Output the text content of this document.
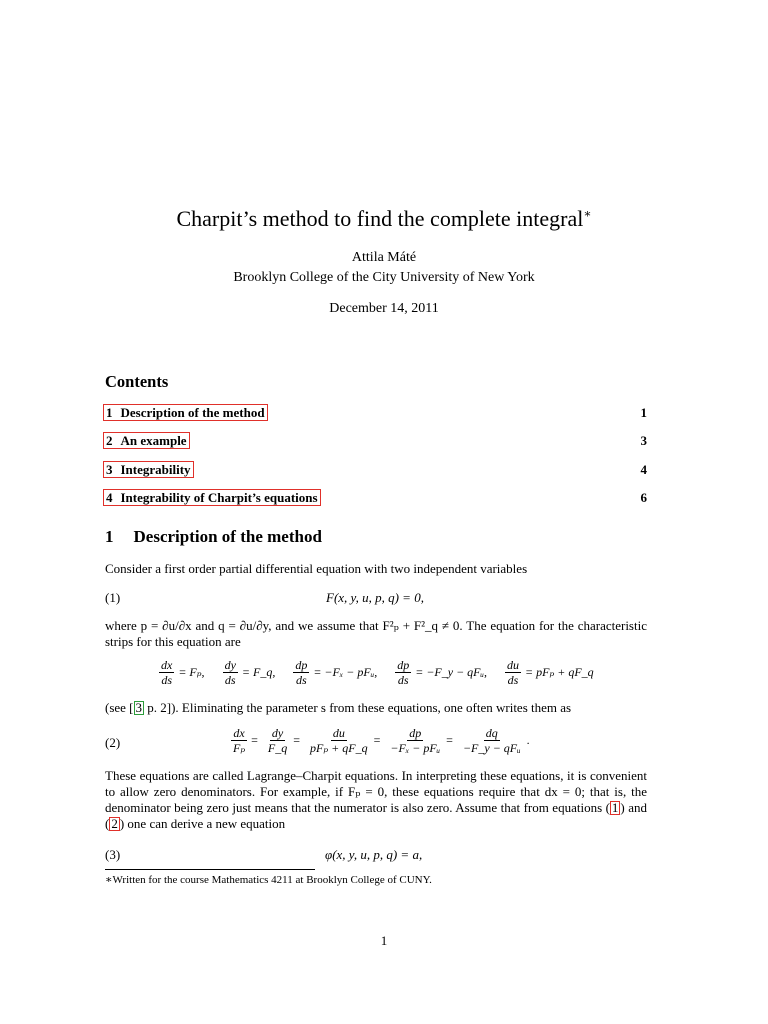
Charpit’s method to find the complete integral∗
Attila Máté
Brooklyn College of the City University of New York
December 14, 2011
Contents
1 Description of the method	1
2 An example	3
3 Integrability	4
4 Integrability of Charpit’s equations	6
1 Description of the method
Consider a first order partial differential equation with two independent variables
(1)	F(x, y, u, p, q) = 0,
where p = ∂u/∂x and q = ∂u/∂y, and we assume that F²ₚ + F²_q ≠ 0. The equation for the characteristic strips for this equation are
$\frac{dx}{ds} = F_p$, $\frac{dy}{ds}$ = F_q, $\frac{dp}{ds} = -F_x$ − pFᵤ, $\frac{dp}{ds}$ = −F_y − qFᵤ, $\frac{du}{ds} = pF_p$ + qF_q
(see [ 3 p. 2]). Eliminating the parameter s from these equations, one often writes them as
(2)	$\frac{dx}{\text{Fₚ}} = \frac{dy}{F\_q} = \frac{du}{\text{pFₚ + qF\_q}} = \frac{dp}{\text{−Fₓ − pFᵤ}} = \frac{dq}{\text{−F\_y − qFᵤ}}$ .
These equations are called Lagrange–Charpit equations. In interpreting these equations, it is convenient to allow zero denominators. For example, if Fₚ = 0, these equations require that dx = 0; that is, the denominator being zero just means that the numerator is also zero. Assume that from equations ( 1 ) and ( 2 ) one can derive a new equation
(3)	φ(x, y, u, p, q) = a,
∗Written for the course Mathematics 4211 at Brooklyn College of CUNY.
1
